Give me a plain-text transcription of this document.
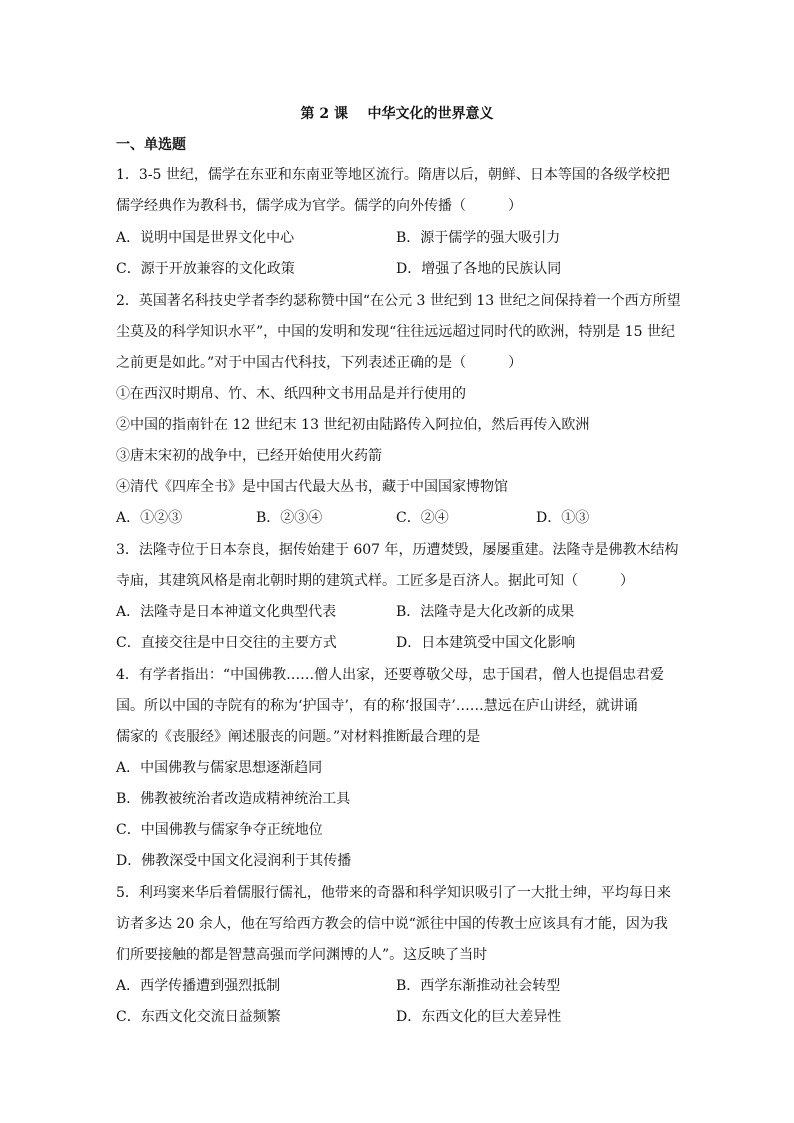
第 2 课    中华文化的世界意义
一、单选题
1．3-5 世纪，儒学在东亚和东南亚等地区流行。隋唐以后，朝鲜、日本等国的各级学校把
儒学经典作为教科书，儒学成为官学。儒学的向外传播（　　　）
A．说明中国是世界文化中心	B．源于儒学的强大吸引力
C．源于开放兼容的文化政策	D．增强了各地的民族认同
2．英国著名科技史学者李约瑟称赞中国“在公元 3 世纪到 13 世纪之间保持着一个西方所望
尘莫及的科学知识水平”，中国的发明和发现“往往远远超过同时代的欧洲，特别是 15 世纪
之前更是如此。”对于中国古代科技，下列表述正确的是（　　　）
①在西汉时期帛、竹、木、纸四种文书用品是并行使用的
②中国的指南针在 12 世纪末 13 世纪初由陆路传入阿拉伯，然后再传入欧洲
③唐末宋初的战争中，已经开始使用火药箭
④清代《四库全书》是中国古代最大丛书，藏于中国国家博物馆
A．①②③	B．②③④	C．②④	D．①③
3．法隆寺位于日本奈良，据传始建于 607 年，历遭焚毁，屡屡重建。法隆寺是佛教木结构
寺庙，其建筑风格是南北朝时期的建筑式样。工匠多是百济人。据此可知（　　　）
A．法隆寺是日本神道文化典型代表	B．法隆寺是大化改新的成果
C．直接交往是中日交往的主要方式	D．日本建筑受中国文化影响
4．有学者指出：“中国佛教……僧人出家，还要尊敬父母，忠于国君，僧人也提倡忠君爱
国。所以中国的寺院有的称为‘护国寺’，有的称‘报国寺’……慧远在庐山讲经，就讲诵
儒家的《丧服经》阐述服丧的问题。”对材料推断最合理的是
A．中国佛教与儒家思想逐渐趋同
B．佛教被统治者改造成精神统治工具
C．中国佛教与儒家争夺正统地位
D．佛教深受中国文化浸润利于其传播
5．利玛窦来华后着儒服行儒礼，他带来的奇器和科学知识吸引了一大批士绅，平均每日来
访者多达 20 余人，他在写给西方教会的信中说“派往中国的传教士应该具有才能，因为我
们所要接触的都是智慧高强而学问渊博的人”。这反映了当时
A．西学传播遭到强烈抵制	B．西学东渐推动社会转型
C．东西文化交流日益频繁	D．东西文化的巨大差异性
